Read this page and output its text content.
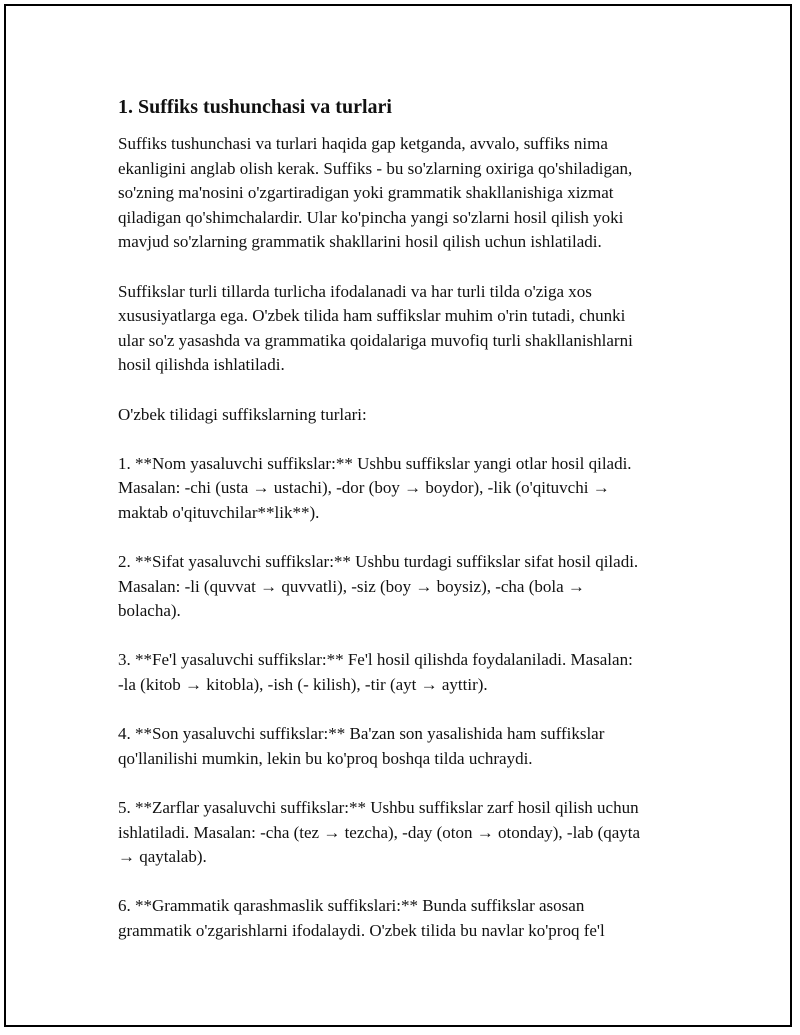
1. Suffiks tushunchasi va turlari
Suffiks tushunchasi va turlari haqida gap ketganda, avvalo, suffiks nima
ekanligini anglab olish kerak. Suffiks - bu so'zlarning oxiriga qo'shiladigan,
so'zning ma'nosini o'zgartiradigan yoki grammatik shakllanishiga xizmat
qiladigan qo'shimchalardir. Ular ko'pincha yangi so'zlarni hosil qilish yoki
mavjud so'zlarning grammatik shakllarini hosil qilish uchun ishlatiladi.
Suffikslar turli tillarda turlicha ifodalanadi va har turli tilda o'ziga xos
xususiyatlarga ega. O'zbek tilida ham suffikslar muhim o'rin tutadi, chunki
ular so'z yasashda va grammatika qoidalariga muvofiq turli shakllanishlarni
hosil qilishda ishlatiladi.
O'zbek tilidagi suffikslarning turlari:
1. **Nom yasaluvchi suffikslar:** Ushbu suffikslar yangi otlar hosil qiladi.
Masalan: -chi (usta → ustachi), -dor (boy → boydor), -lik (o'qituvchi →
maktab o'qituvchilar**lik**).
2. **Sifat yasaluvchi suffikslar:** Ushbu turdagi suffikslar sifat hosil qiladi.
Masalan: -li (quvvat → quvvatli), -siz (boy → boysiz), -cha (bola →
bolacha).
3. **Fe'l yasaluvchi suffikslar:** Fe'l hosil qilishda foydalaniladi. Masalan:
-la (kitob → kitobla), -ish (- kilish), -tir (ayt → ayttir).
4. **Son yasaluvchi suffikslar:** Ba'zan son yasalishida ham suffikslar
qo'llanilishi mumkin, lekin bu ko'proq boshqa tilda uchraydi.
5. **Zarflar yasaluvchi suffikslar:** Ushbu suffikslar zarf hosil qilish uchun
ishlatiladi. Masalan: -cha (tez → tezcha), -day (oton → otonday), -lab (qayta
→ qaytalab).
6. **Grammatik qarashmaslik suffikslari:** Bunda suffikslar asosan
grammatik o'zgarishlarni ifodalaydi. O'zbek tilida bu navlar ko'proq fe'l
